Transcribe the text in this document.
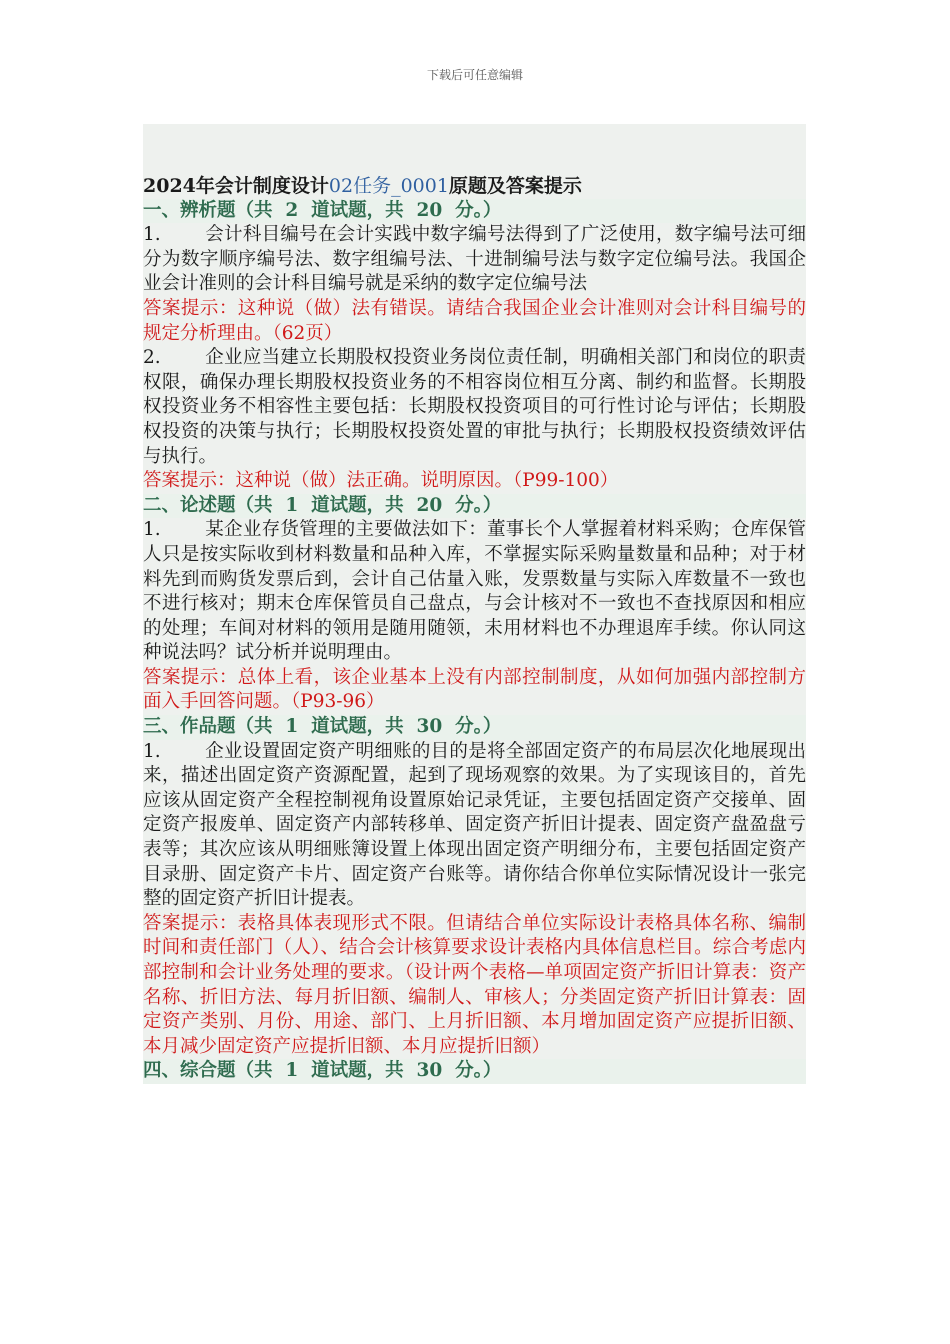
下载后可任意编辑
2024年会计制度设计02任务_0001原题及答案提示
一、辨析题（共  2  道试题，共  20  分。）
1. 会计科目编号在会计实践中数字编号法得到了广泛使用，数字编号法可细分为数字顺序编号法、数字组编号法、十进制编号法与数字定位编号法。我国企业会计准则的会计科目编号就是采纳的数字定位编号法
答案提示：这种说（做）法有错误。请结合我国企业会计准则对会计科目编号的规定分析理由。（62页）
2. 企业应当建立长期股权投资业务岗位责任制，明确相关部门和岗位的职责权限，确保办理长期股权投资业务的不相容岗位相互分离、制约和监督。长期股权投资业务不相容性主要包括：长期股权投资项目的可行性讨论与评估；长期股权投资的决策与执行；长期股权投资处置的审批与执行；长期股权投资绩效评估与执行。
答案提示：这种说（做）法正确。说明原因。（P99-100）
二、论述题（共  1  道试题，共  20  分。）
1. 某企业存货管理的主要做法如下：董事长个人掌握着材料采购；仓库保管人只是按实际收到材料数量和品种入库，不掌握实际采购量数量和品种；对于材料先到而购货发票后到，会计自己估量入账，发票数量与实际入库数量不一致也不进行核对；期末仓库保管员自己盘点，与会计核对不一致也不查找原因和相应的处理；车间对材料的领用是随用随领，未用材料也不办理退库手续。你认同这种说法吗？试分析并说明理由。
答案提示：总体上看，该企业基本上没有内部控制制度，从如何加强内部控制方面入手回答问题。（P93-96）
三、作品题（共  1  道试题，共  30  分。）
1. 企业设置固定资产明细账的目的是将全部固定资产的布局层次化地展现出来，描述出固定资产资源配置，起到了现场观察的效果。为了实现该目的，首先应该从固定资产全程控制视角设置原始记录凭证，主要包括固定资产交接单、固定资产报废单、固定资产内部转移单、固定资产折旧计提表、固定资产盘盈盘亏表等；其次应该从明细账簿设置上体现出固定资产明细分布，主要包括固定资产目录册、固定资产卡片、固定资产台账等。请你结合你单位实际情况设计一张完整的固定资产折旧计提表。
答案提示：表格具体表现形式不限。但请结合单位实际设计表格具体名称、编制时间和责任部门（人）、结合会计核算要求设计表格内具体信息栏目。综合考虑内部控制和会计业务处理的要求。（设计两个表格—单项固定资产折旧计算表：资产名称、折旧方法、每月折旧额、编制人、审核人；分类固定资产折旧计算表：固定资产类别、月份、用途、部门、上月折旧额、本月增加固定资产应提折旧额、本月减少固定资产应提折旧额、本月应提折旧额）
四、综合题（共  1  道试题，共  30  分。）
